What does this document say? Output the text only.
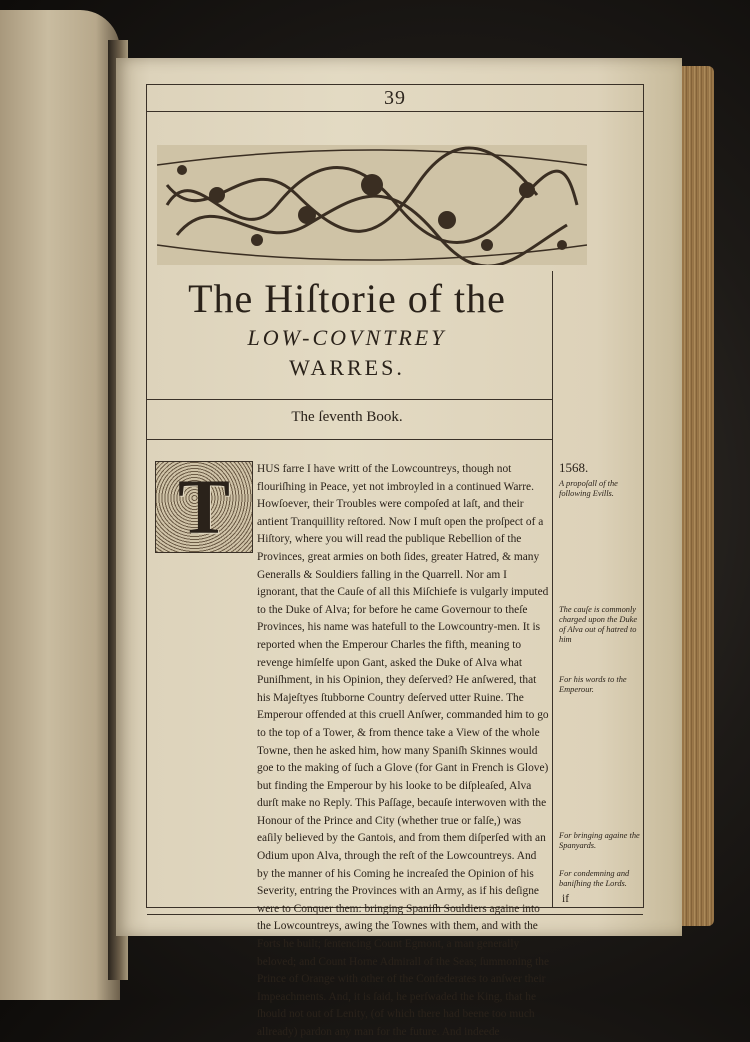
39
The Hiſtorie of the
LOW-COVNTREY
WARRES.
The ſeventh Book.

HUS farre I have writt of the Lowcountreys, though not flouriſhing in Peace, yet not imbroyled in a continued Warre. Howſoever, their Troubles were compoſed at laſt, and their antient Tranquillity reſtored. Now I muſt open the proſpect of a Hiſtory, where you will read the publique Rebellion of the Provinces, great armies on both ſides, greater Hatred, & many Generalls & Souldiers falling in the Quarrell. Nor am I ignorant, that the Cauſe of all this Miſchiefe is vulgarly imputed to the Duke of Alva; for before he came Governour to theſe Provinces, his name was hatefull to the Lowcountry-men. It is reported when the Emperour Charles the fifth, meaning to revenge himſelfe upon Gant, asked the Duke of Alva what Puniſhment, in his Opinion, they deſerved? He anſwered, that his Majeſtyes ſtubborne Country deſerved utter Ruine. The Emperour offended at this cruell Anſwer, commanded him to go to the top of a Tower, & from thence take a View of the whole Towne, then he asked him, how many Spaniſh Skinnes would goe to the making of ſuch a Glove (for Gant in French is Glove) but finding the Emperour by his looke to be diſpleaſed, Alva durſt make no Reply. This Paſſage, becauſe interwoven with the Honour of the Prince and City (whether true or falſe,) was eaſily believed by the Gantois, and from them diſperſed with an Odium upon Alva, through the reſt of the Lowcountreys. And by the manner of his Coming he increaſed the Opinion of his Severity, entring the Provinces with an Army, as if his deſigne were to Conquer them: bringing Spaniſh Souldiers againe into the Lowcountreys, awing the Townes with them, and with the Forts he built; ſentencing Count Egmont, a man generally beloved; and Count Horne Admirall of the Seas; ſummoning the Prince of Orange with other of the Confederates to anſwer their Impeachments. And, it is ſaid, he perſwaded the King, that he ſhould not out of Lenity, (of which there had beene too much allready) pardon any man for the future. And indeede

T
if
1568.
A propoſall of the following Evills.
The cauſe is commonly charged upon the Duke of Alva out of hatred to him
For his words to the Emperour.
For bringing againe the Spanyards.
For condemning and baniſhing the Lords.
